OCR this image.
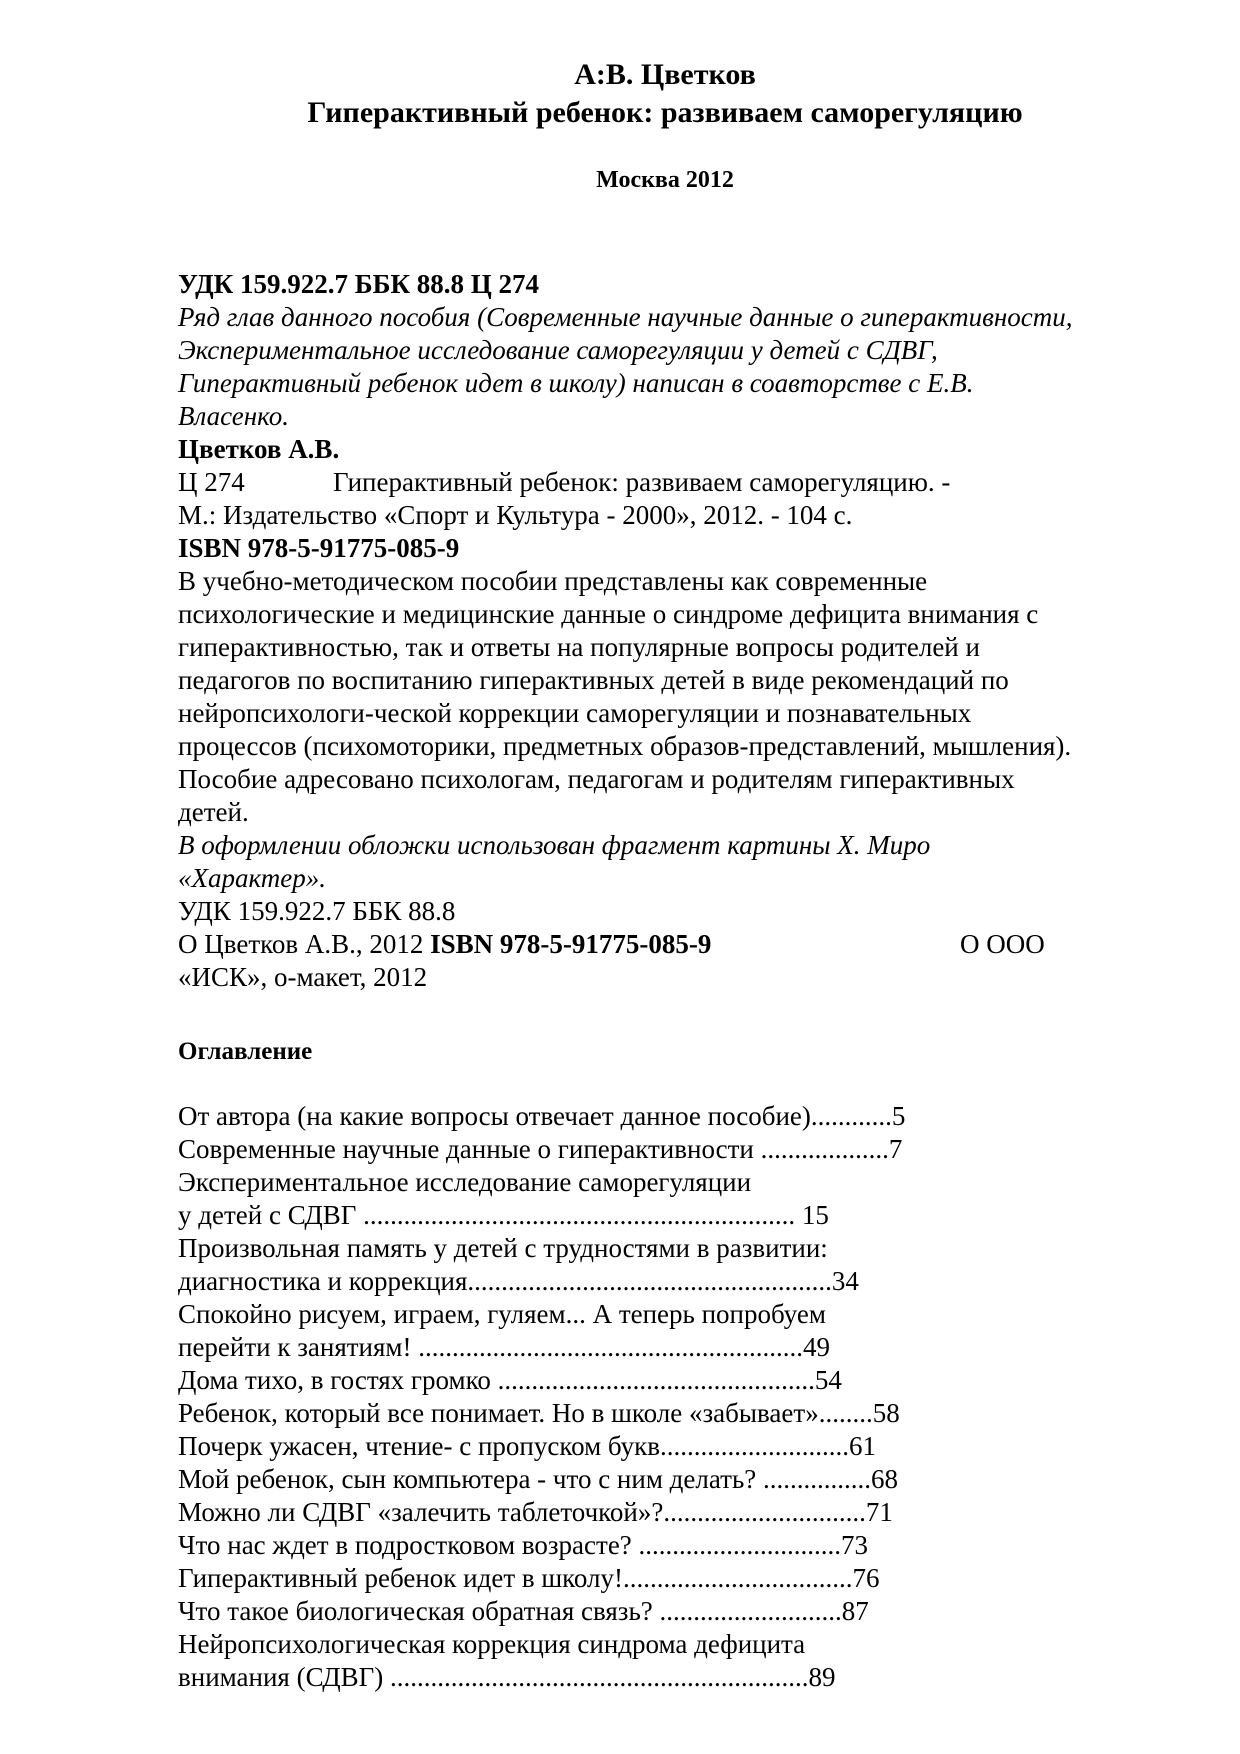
А:В. Цветков
Гиперактивный ребенок: развиваем саморегуляцию
Москва 2012
УДК 159.922.7 ББК 88.8 Ц 274
Ряд глав данного пособия (Современные научные данные о гиперактивности,
Экспериментальное исследование саморегуляции у детей с СДВГ,
Гиперактивный ребенок идет в школу) написан в соавторстве с Е.В.
Власенко.
Цветков А.В.
Ц 274	Гиперактивный ребенок: развиваем саморегуляцию. -
М.: Издательство «Спорт и Культура - 2000», 2012. - 104 с.
ISBN 978-5-91775-085-9
В учебно-методическом пособии представлены как современные
психологические и медицинские данные о синдроме дефицита внимания с
гиперактивностью, так и ответы на популярные вопросы родителей и
педагогов по воспитанию гиперактивных детей в виде рекомендаций по
нейропсихологи-ческой коррекции саморегуляции и познавательных
процессов (психомоторики, предметных образов-представлений, мышления).
Пособие адресовано психологам, педагогам и родителям гиперактивных
детей.
В оформлении обложки использован фрагмент картины X. Миро
«Характер».
УДК 159.922.7 ББК 88.8
О Цветков А.В., 2012 ISBN 978-5-91775-085-9	О ООО
«ИСК», о-макет, 2012
Оглавление
От автора (на какие вопросы отвечает данное пособие)............5
Современные научные данные о гиперактивности ...................7
Экспериментальное исследование саморегуляции
у детей с СДВГ ................................................................ 15
Произвольная память у детей с трудностями в развитии:
диагностика и коррекция......................................................34
Спокойно рисуем, играем, гуляем... А теперь попробуем
перейти к занятиям! .........................................................49
Дома тихо, в гостях громко ...............................................54
Ребенок, который все понимает. Но в школе «забывает»........58
Почерк ужасен, чтение- с пропуском букв............................61
Мой ребенок, сын компьютера - что с ним делать? ................68
Можно ли СДВГ «залечить таблеточкой»?..............................71
Что нас ждет в подростковом возрасте? ..............................73
Гиперактивный ребенок идет в школу!..................................76
Что такое биологическая обратная связь? ...........................87
Нейропсихологическая коррекция синдрома дефицита
внимания (СДВГ) ..............................................................89
